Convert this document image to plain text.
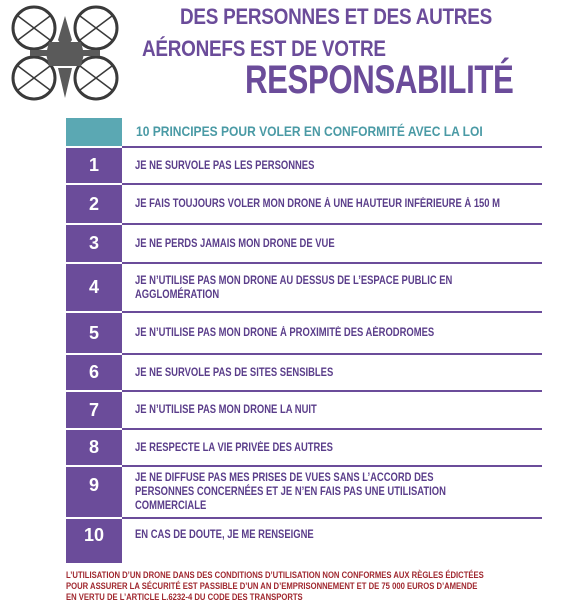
DES PERSONNES ET DES AUTRES
AÉRONEFS EST DE VOTRE
RESPONSABILITÉ
10 PRINCIPES POUR VOLER EN CONFORMITÉ AVEC LA LOI
1	JE NE SURVOLE PAS LES PERSONNES
2	JE FAIS TOUJOURS VOLER MON DRONE À UNE HAUTEUR INFÉRIEURE À 150 M
3	JE NE PERDS JAMAIS MON DRONE DE VUE
4	JE N’UTILISE PAS MON DRONE AU DESSUS DE L’ESPACE PUBLIC EN AGGLOMÉRATION
5	JE N’UTILISE PAS MON DRONE À PROXIMITÉ DES AÉRODROMES
6	JE NE SURVOLE PAS DE SITES SENSIBLES
7	JE N’UTILISE PAS MON DRONE LA NUIT
8	JE RESPECTE LA VIE PRIVÉE DES AUTRES
9	JE NE DIFFUSE PAS MES PRISES DE VUES SANS L’ACCORD DES PERSONNES CONCERNÉES ET JE N’EN FAIS PAS UNE UTILISATION COMMERCIALE
10	EN CAS DE DOUTE, JE ME RENSEIGNE
L’UTILISATION D’UN DRONE DANS DES CONDITIONS D’UTILISATION NON CONFORMES AUX RÈGLES ÉDICTÉES
POUR ASSURER LA SÉCURITÉ EST PASSIBLE D’UN AN D’EMPRISONNEMENT ET DE 75 000 EUROS D’AMENDE
EN VERTU DE L’ARTICLE L.6232-4 DU CODE DES TRANSPORTS
